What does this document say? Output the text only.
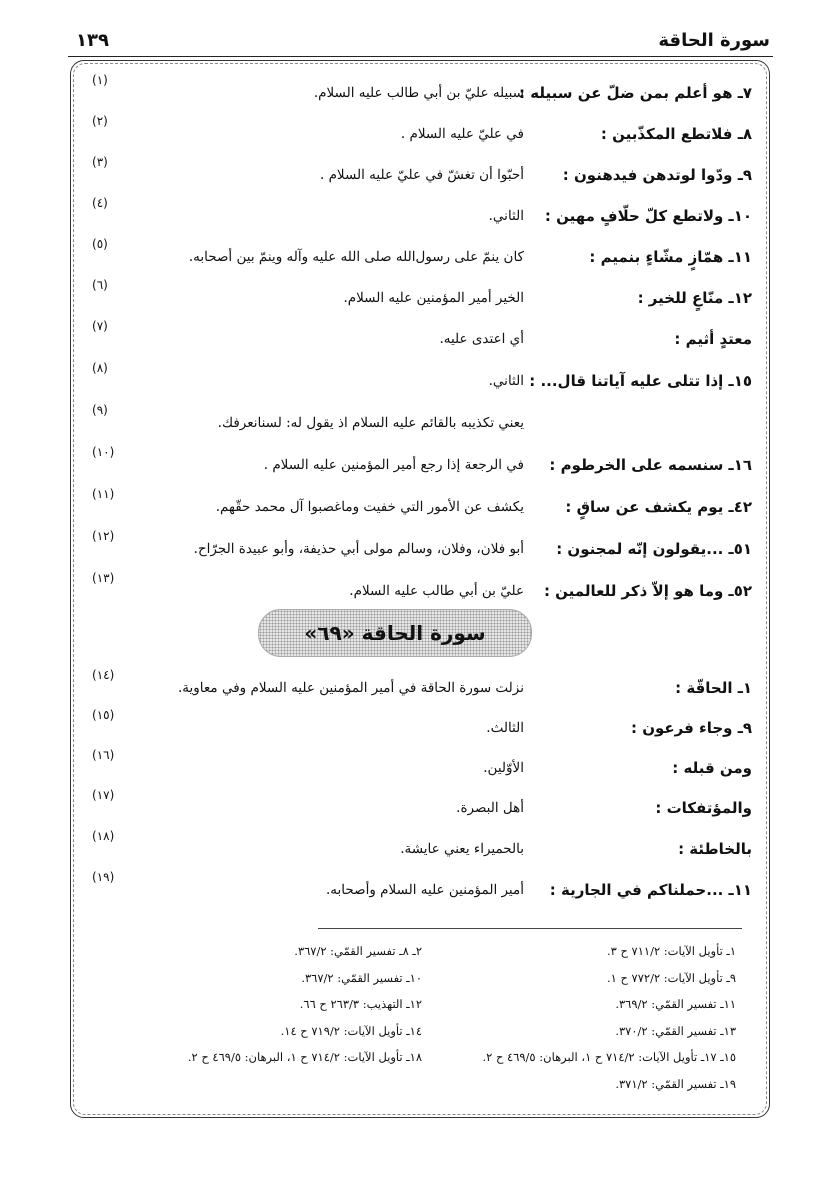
سورة الحاقة
١٣٩
٧ـ هو أعلم بمن ضلّ عن سبيله :
سبيله عليّ بن أبي طالب عليه السلام.
(١)
٨ـ فلاتطع المكذّبين :
في عليّ عليه السلام .
(٢)
٩ـ ودّوا لوتدهن فيدهنون :
أحبّوا أن تغشّ في عليّ عليه السلام .
(٣)
١٠ـ ولاتطع كلّ حلّافٍ مهين :
الثاني.
(٤)
١١ـ همّازٍ مشّاءٍ بنميم :
كان ينمّ على رسول‌الله صلى الله عليه وآله وينمّ بين أصحابه.
(٥)
١٢ـ منّاعٍ للخير :
الخير أمير المؤمنين عليه السلام.
(٦)
معتدٍ أثيم :
أي اعتدى عليه.
(٧)
١٥ـ إذا تتلى عليه آياتنا قال... :
الثاني.
(٨)
يعني تكذيبه بالقائم عليه السلام اذ يقول له: لسنانعرفك.
(٩)
١٦ـ سنسمه على الخرطوم :
في الرجعة إذا رجع أمير المؤمنين عليه السلام .
(١٠)
٤٢ـ يوم يكشف عن ساقٍ :
يكشف عن الأمور التي خفيت وماغصبوا آل محمد حقّهم.
(١١)
٥١ـ ...يقولون إنّه لمجنون :
أبو فلان، وفلان، وسالم مولى أبي حذيفة، وأبو عبيدة الجرّاح.
(١٢)
٥٢ـ وما هو إلاّ ذكر للعالمين :
عليّ بن أبي طالب عليه السلام.
(١٣)
سورة الحاقة «٦٩»
١ـ الحاقّة :
نزلت سورة الحاقة في أمير المؤمنين عليه السلام وفي معاوية.
(١٤)
٩ـ وجاء فرعون :
الثالث.
(١٥)
ومن قبله :
الأوّلين.
(١٦)
والمؤتفكات :
أهل البصرة.
(١٧)
بالخاطئة :
بالحميراء يعني عايشة.
(١٨)
١١ـ ...حملناكم في الجارية :
أمير المؤمنين عليه السلام وأصحابه.
(١٩)
١ـ تأويل الآيات: ٧١١/٢ ح ٣.
٩ـ تأويل الآيات: ٧٧٢/٢ ح ١.
١١ـ تفسير القمّي: ٣٦٩/٢.
١٣ـ تفسير القمّي: ٣٧٠/٢.
١٥ـ ١٧ـ تأويل الآيات: ٧١٤/٢ ح ١، البرهان: ٤٦٩/٥ ح ٢.
١٩ـ تفسير القمّي: ٣٧١/٢.
٢ـ ٨ـ تفسير القمّي: ٣٦٧/٢.
١٠ـ تفسير القمّي: ٣٦٧/٢.
١٢ـ التهذيب: ٢٦٣/٣ ح ٦٦.
١٤ـ تأويل الآيات: ٧١٩/٢ ح ١٤.
١٨ـ تأويل الآيات: ٧١٤/٢ ح ١، البرهان: ٤٦٩/٥ ح ٢.
